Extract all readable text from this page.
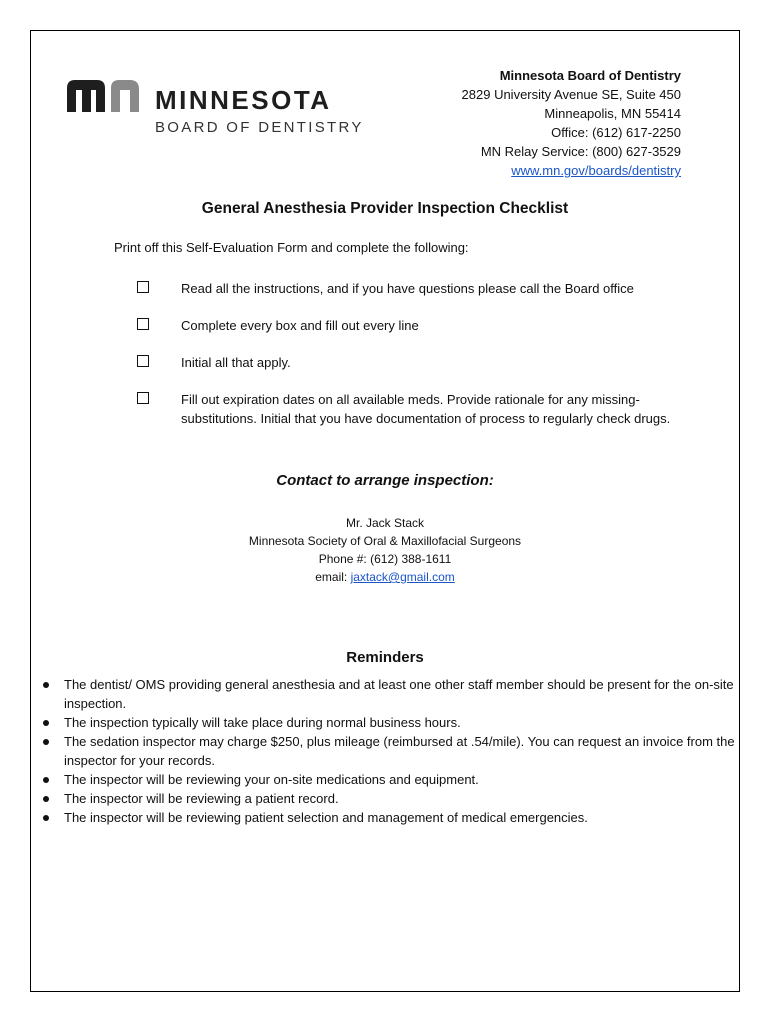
MINNESOTA
BOARD OF DENTISTRY
Minnesota Board of Dentistry
2829 University Avenue SE, Suite 450
Minneapolis, MN 55414
Office: (612) 617-2250
MN Relay Service: (800) 627-3529
www.mn.gov/boards/dentistry
General Anesthesia Provider Inspection Checklist
Print off this Self-Evaluation Form and complete the following:
Read all the instructions, and if you have questions please call the Board office
Complete every box and fill out every line
Initial all that apply.
Fill out expiration dates on all available meds. Provide rationale for any missing- substitutions. Initial that you have documentation of process to regularly check drugs.
Contact to arrange inspection:
Mr. Jack Stack
Minnesota Society of Oral & Maxillofacial Surgeons
Phone #: (612) 388-1611
email: jaxtack@gmail.com
Reminders
The dentist/ OMS providing general anesthesia and at least one other staff member should be present for the on-site inspection.
The inspection typically will take place during normal business hours.
The sedation inspector may charge $250, plus mileage (reimbursed at .54/mile). You can request an invoice from the inspector for your records.
The inspector will be reviewing your on-site medications and equipment.
The inspector will be reviewing a patient record.
The inspector will be reviewing patient selection and management of medical emergencies.
